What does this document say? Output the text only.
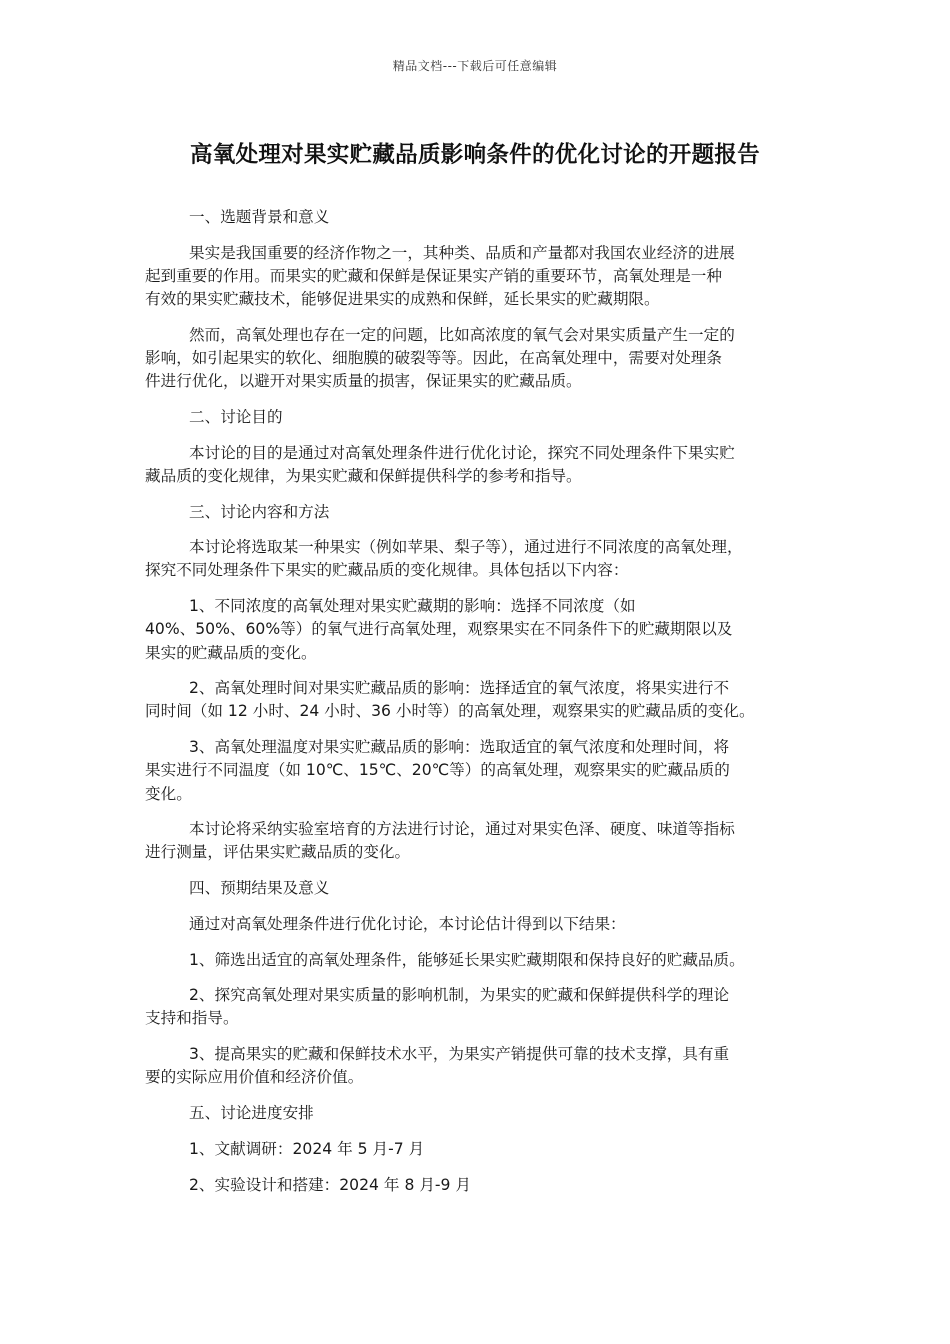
精品文档---下载后可任意编辑
高氧处理对果实贮藏品质影响条件的优化讨论的开题报告

一、选题背景和意义

果实是我国重要的经济作物之一，其种类、品质和产量都对我国农业经济的进展
起到重要的作用。而果实的贮藏和保鲜是保证果实产销的重要环节，高氧处理是一种
有效的果实贮藏技术，能够促进果实的成熟和保鲜，延长果实的贮藏期限。

然而，高氧处理也存在一定的问题，比如高浓度的氧气会对果实质量产生一定的
影响，如引起果实的软化、细胞膜的破裂等等。因此，在高氧处理中，需要对处理条
件进行优化，以避开对果实质量的损害，保证果实的贮藏品质。

二、讨论目的

本讨论的目的是通过对高氧处理条件进行优化讨论，探究不同处理条件下果实贮
藏品质的变化规律，为果实贮藏和保鲜提供科学的参考和指导。

三、讨论内容和方法

本讨论将选取某一种果实（例如苹果、梨子等），通过进行不同浓度的高氧处理，
探究不同处理条件下果实的贮藏品质的变化规律。具体包括以下内容：

1、不同浓度的高氧处理对果实贮藏期的影响：选择不同浓度（如
40%、50%、60%等）的氧气进行高氧处理，观察果实在不同条件下的贮藏期限以及
果实的贮藏品质的变化。

2、高氧处理时间对果实贮藏品质的影响：选择适宜的氧气浓度，将果实进行不
同时间（如 12 小时、24 小时、36 小时等）的高氧处理，观察果实的贮藏品质的变化。

3、高氧处理温度对果实贮藏品质的影响：选取适宜的氧气浓度和处理时间，将
果实进行不同温度（如 10℃、15℃、20℃等）的高氧处理，观察果实的贮藏品质的
变化。

本讨论将采纳实验室培育的方法进行讨论，通过对果实色泽、硬度、味道等指标
进行测量，评估果实贮藏品质的变化。

四、预期结果及意义

通过对高氧处理条件进行优化讨论，本讨论估计得到以下结果：

1、筛选出适宜的高氧处理条件，能够延长果实贮藏期限和保持良好的贮藏品质。

2、探究高氧处理对果实质量的影响机制，为果实的贮藏和保鲜提供科学的理论
支持和指导。

3、提高果实的贮藏和保鲜技术水平，为果实产销提供可靠的技术支撑，具有重
要的实际应用价值和经济价值。

五、讨论进度安排

1、文献调研：2024 年 5 月-7 月

2、实验设计和搭建：2024 年 8 月-9 月
